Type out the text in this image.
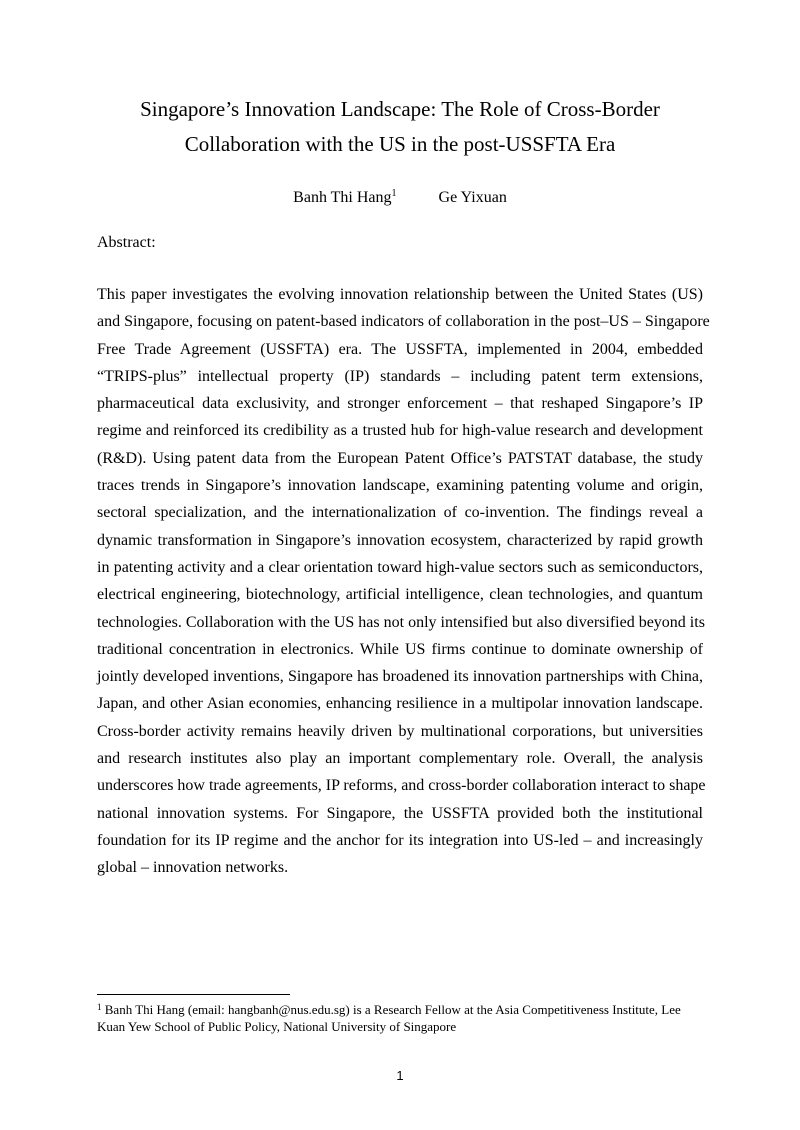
Singapore’s Innovation Landscape: The Role of Cross-Border
Collaboration with the US in the post-USSFTA Era
Banh Thi Hang$^1$	Ge Yixuan
Abstract:
This paper investigates the evolving innovation relationship between the United States (US)
and Singapore, focusing on patent-based indicators of collaboration in the post–US – Singapore
Free Trade Agreement (USSFTA) era. The USSFTA, implemented in 2004, embedded
“TRIPS-plus” intellectual property (IP) standards – including patent term extensions,
pharmaceutical data exclusivity, and stronger enforcement – that reshaped Singapore’s IP
regime and reinforced its credibility as a trusted hub for high-value research and development
(R&D). Using patent data from the European Patent Office’s PATSTAT database, the study
traces trends in Singapore’s innovation landscape, examining patenting volume and origin,
sectoral specialization, and the internationalization of co-invention. The findings reveal a
dynamic transformation in Singapore’s innovation ecosystem, characterized by rapid growth
in patenting activity and a clear orientation toward high-value sectors such as semiconductors,
electrical engineering, biotechnology, artificial intelligence, clean technologies, and quantum
technologies. Collaboration with the US has not only intensified but also diversified beyond its
traditional concentration in electronics. While US firms continue to dominate ownership of
jointly developed inventions, Singapore has broadened its innovation partnerships with China,
Japan, and other Asian economies, enhancing resilience in a multipolar innovation landscape.
Cross-border activity remains heavily driven by multinational corporations, but universities
and research institutes also play an important complementary role. Overall, the analysis
underscores how trade agreements, IP reforms, and cross-border collaboration interact to shape
national innovation systems. For Singapore, the USSFTA provided both the institutional
foundation for its IP regime and the anchor for its integration into US-led – and increasingly
global – innovation networks.
$^1$ Banh Thi Hang (email: hangbanh@nus.edu.sg) is a Research Fellow at the Asia Competitiveness Institute, Lee
Kuan Yew School of Public Policy, National University of Singapore
1
